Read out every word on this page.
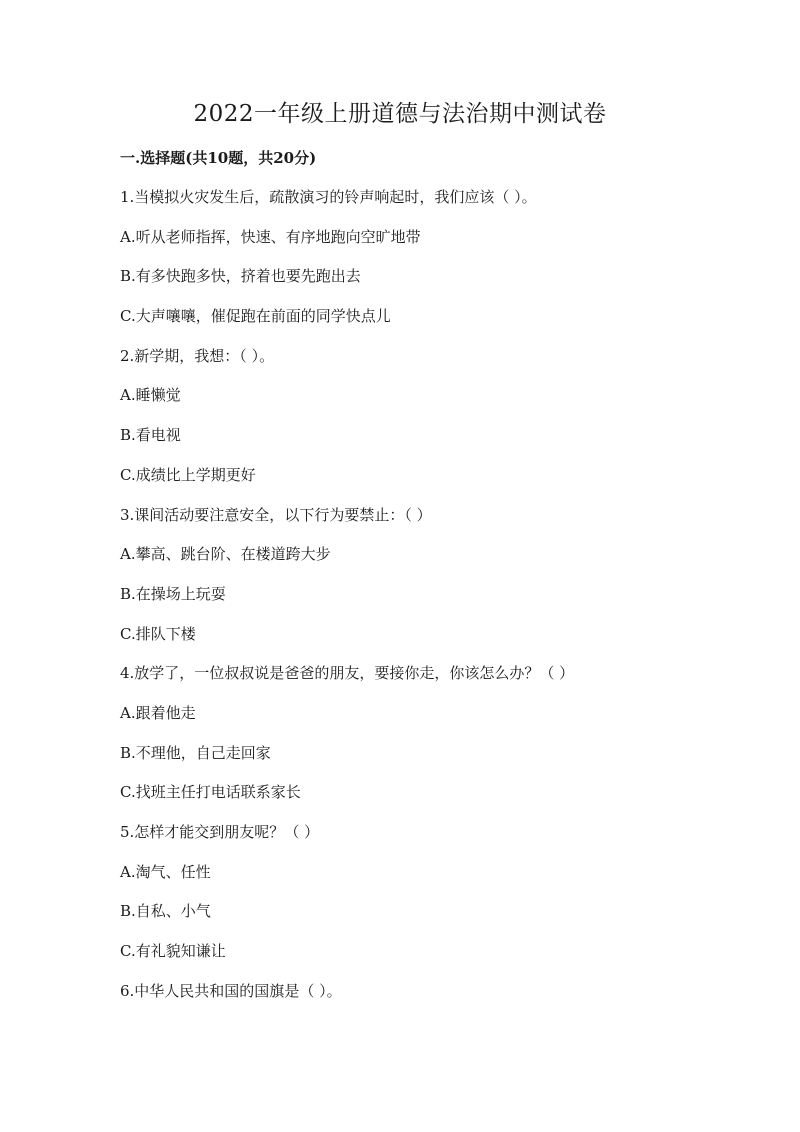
2022一年级上册道德与法治期中测试卷
一.选择题(共10题，共20分)
1.当模拟火灾发生后，疏散演习的铃声响起时，我们应该（ ）。
A.听从老师指挥，快速、有序地跑向空旷地带
B.有多快跑多快，挤着也要先跑出去
C.大声嚷嚷，催促跑在前面的同学快点儿
2.新学期，我想：（ ）。
A.睡懒觉
B.看电视
C.成绩比上学期更好
3.课间活动要注意安全，以下行为要禁止：（ ）
A.攀高、跳台阶、在楼道跨大步
B.在操场上玩耍
C.排队下楼
4.放学了，一位叔叔说是爸爸的朋友，要接你走，你该怎么办？（ ）
A.跟着他走
B.不理他，自己走回家
C.找班主任打电话联系家长
5.怎样才能交到朋友呢？（ ）
A.淘气、任性
B.自私、小气
C.有礼貌知谦让
6.中华人民共和国的国旗是（ ）。
